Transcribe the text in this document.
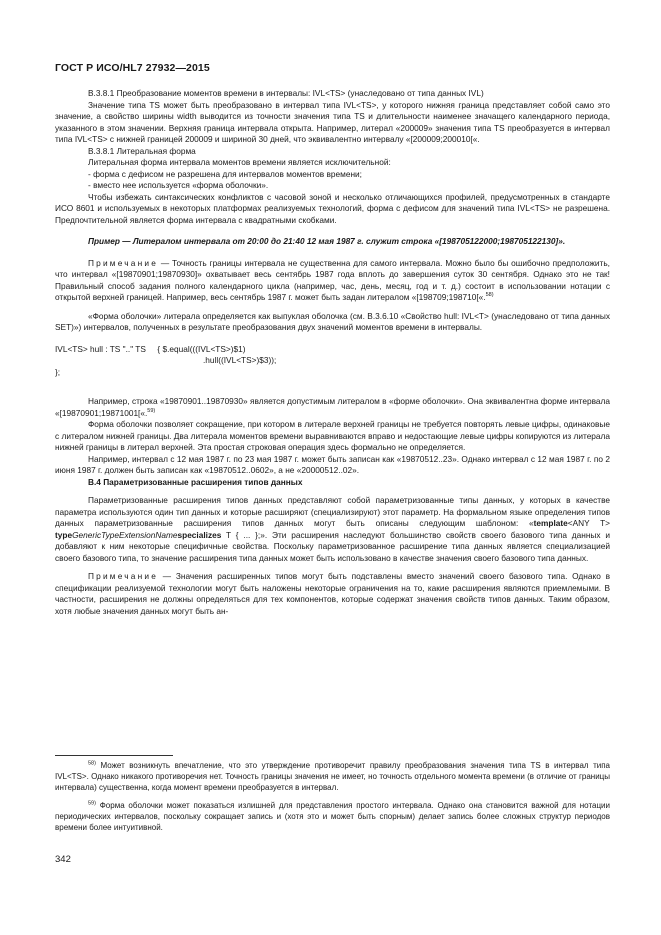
ГОСТ Р ИСО/HL7 27932—2015

В.3.8.1 Преобразование моментов времени в интервалы: IVL<TS> (унаследовано от типа данных IVL)

Значение типа TS может быть преобразовано в интервал типа IVL<TS>, у которого нижняя граница представляет собой само это значение, а свойство ширины width выводится из точности значения типа TS и длительности наименее значащего календарного периода, указанного в этом значении. Верхняя граница интервала открыта. Например, литерал «200009» значения типа TS преобразуется в интервал типа IVL<TS> с нижней границей 200009 и шириной 30 дней, что эквивалентно интервалу «[200009;200010[«.

В.3.8.1 Литеральная форма

Литеральная форма интервала моментов времени является исключительной:

- форма с дефисом не разрешена для интервалов моментов времени;

- вместо нее используется «форма оболочки».

Чтобы избежать синтаксических конфликтов с часовой зоной и несколько отличающихся профилей, предусмотренных в стандарте ИСО 8601 и используемых в некоторых платформах реализуемых технологий, форма с дефисом для значений типа IVL<TS> не разрешена. Предпочтительной является форма интервала с квадратными скобками.

Пример — Литералом интервала от 20:00 до 21:40 12 мая 1987 г. служит строка «[198705122000;198705122130]».

Примечание — Точность границы интервала не существенна для самого интервала. Можно было бы ошибочно предположить, что интервал «[19870901;19870930]» охватывает весь сентябрь 1987 года вплоть до завершения суток 30 сентября. Однако это не так! Правильный способ задания полного календарного цикла (например, час, день, месяц, год и т. д.) состоит в использовании нотации с открытой верхней границей. Например, весь сентябрь 1987 г. может быть задан литералом «[198709;198710[«.$^{58)}$

«Форма оболочки» литерала определяется как выпуклая оболочка (см. В.3.6.10 «Свойство hull: IVL<T> (унаследовано от типа данных SET)») интервалов, полученных в результате преобразования двух значений моментов времени в интервалы.

IVL<TS> hull : TS ".." TS     { $.equal(((IVL<TS>)$1)

.hull((IVL<TS>)$3));

};

Например, строка «19870901..19870930» является допустимым литералом в «форме оболочки». Она эквивалентна форме интервала «[19870901;19871001[«.$^{59)}$

Форма оболочки позволяет сокращение, при котором в литерале верхней границы не требуется повторять левые цифры, одинаковые с литералом нижней границы. Два литерала моментов времени выравниваются вправо и недостающие левые цифры копируются из литерала нижней границы в литерал верхней. Эта простая строковая операция здесь формально не определяется.

Например, интервал с 12 мая 1987 г. по 23 мая 1987 г. может быть записан как «19870512..23». Однако интервал с 12 мая 1987 г. по 2 июня 1987 г. должен быть записан как «19870512..0602», а не «20000512..02».

В.4 Параметризованные расширения типов данных

Параметризованные расширения типов данных представляют собой параметризованные типы данных, у которых в качестве параметра используются один тип данных и которые расширяют (специализируют) этот параметр. На формальном языке определения типов данных параметризованные расширения типов данных могут быть описаны следующим шаблоном: «template<ANY T> typeGenericTypeExtensionNamespecializes T { ... };». Эти расширения наследуют большинство свойств своего базового типа данных и добавляют к ним некоторые специфичные свойства. Поскольку параметризованное расширение типа данных является специализацией своего базового типа, то значение расширения типа данных может быть использовано в качестве значения своего базового типа данных.

Примечание — Значения расширенных типов могут быть подставлены вместо значений своего базового типа. Однако в спецификации реализуемой технологии могут быть наложены некоторые ограничения на то, какие расширения являются приемлемыми. В частности, расширения не должны определяться для тех компонентов, которые содержат значения свойств типов данных. Таким образом, хотя любые значения данных могут быть ан-

$^{58)}$ Может возникнуть впечатление, что это утверждение противоречит правилу преобразования значения типа TS в интервал типа IVL<TS>. Однако никакого противоречия нет. Точность границы значения не имеет, но точность отдельного момента времени (в отличие от границы интервала) существенна, когда момент времени преобразуется в интервал.

$^{59)}$ Форма оболочки может показаться излишней для представления простого интервала. Однако она становится важной для нотации периодических интервалов, поскольку сокращает запись и (хотя это и может быть спорным) делает запись более сложных структур периодов времени более интуитивной.

342
